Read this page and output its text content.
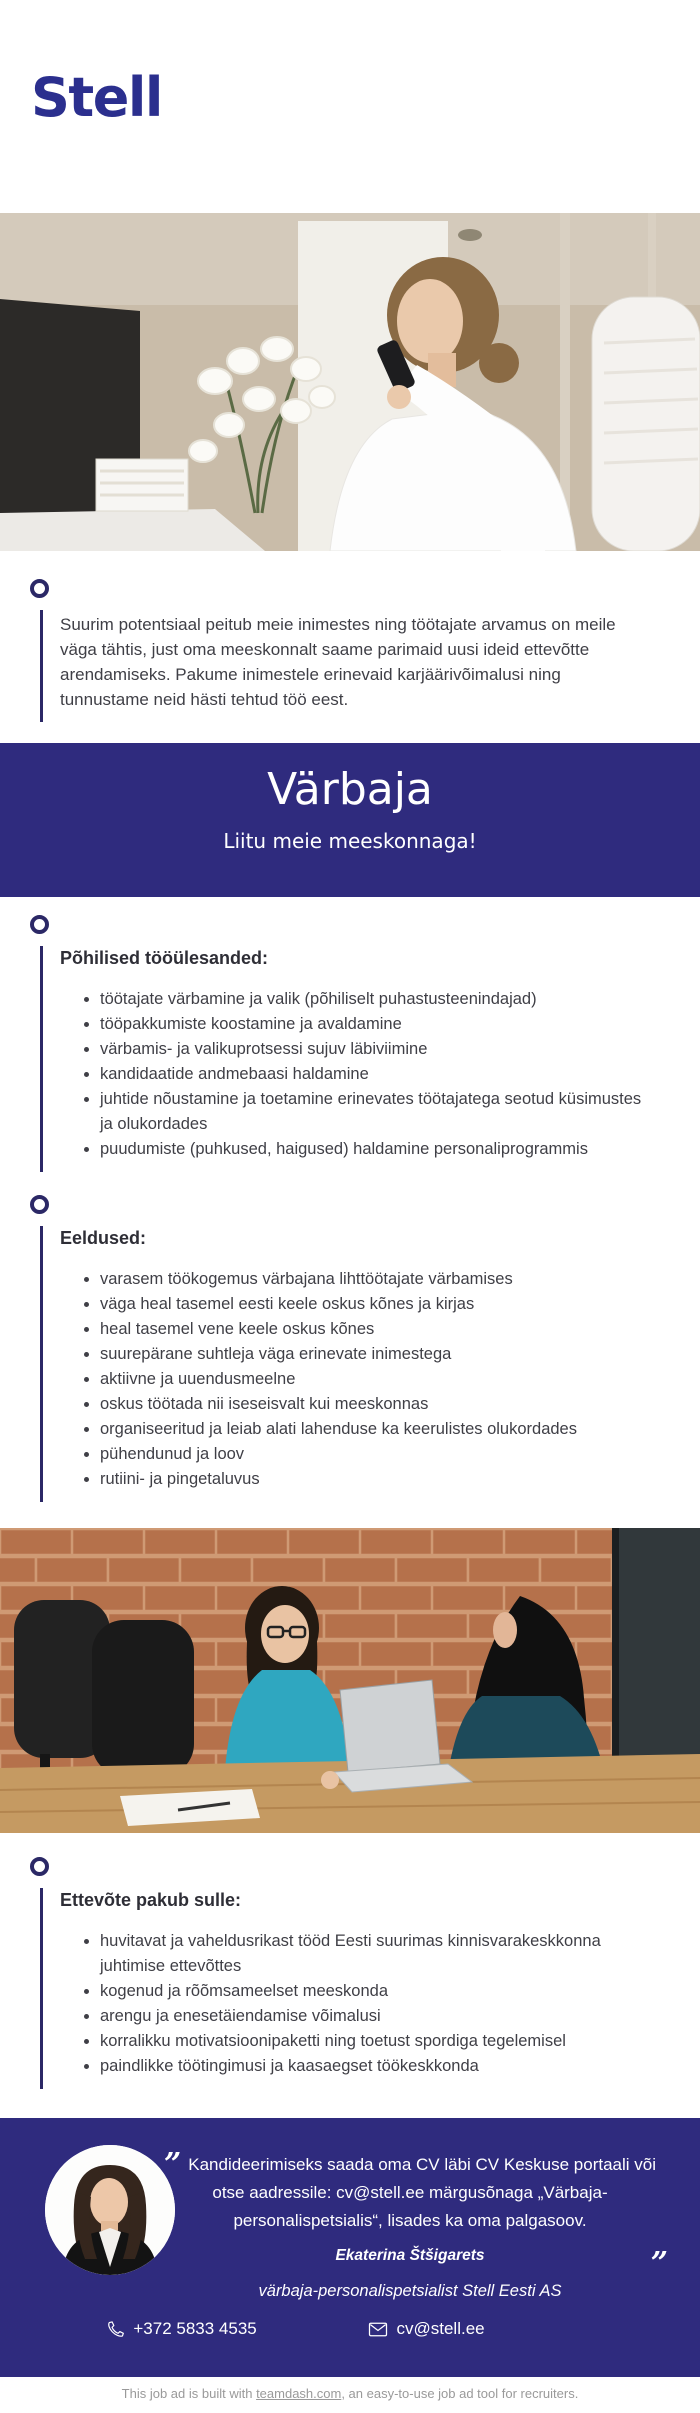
Stell

Suurim potentsiaal peitub meie inimestes ning töötajate arvamus on meile väga tähtis, just oma meeskonnalt saame parimaid uusi ideid ettevõtte arendamiseks. Pakume inimestele erinevaid karjäärivõimalusi ning tunnustame neid hästi tehtud töö eest.

Värbaja
Liitu meie meeskonnaga!
Põhilised tööülesanded:
• töötajate värbamine ja valik (põhiliselt puhastusteenindajad)
• tööpakkumiste koostamine ja avaldamine
• värbamis- ja valikuprotsessi sujuv läbiviimine
• kandidaatide andmebaasi haldamine
• juhtide nõustamine ja toetamine erinevates töötajatega seotud küsimustes ja olukordades
• puudumiste (puhkused, haigused) haldamine personaliprogrammis
Eeldused:
• varasem töökogemus värbajana lihttöötajate värbamises
• väga heal tasemel eesti keele oskus kõnes ja kirjas
• heal tasemel vene keele oskus kõnes
• suurepärane suhtleja väga erinevate inimestega
• aktiivne ja uuendusmeelne
• oskus töötada nii iseseisvalt kui meeskonnas
• organiseeritud ja leiab alati lahenduse ka keerulistes olukordades
• pühendunud ja loov
• rutiini- ja pingetaluvus
Ettevõte pakub sulle:
• huvitavat ja vaheldusrikast tööd Eesti suurimas kinnisvarakeskkonna juhtimise ettevõttes
• kogenud ja rõõmsameelset meeskonda
• arengu ja enesetäiendamise võimalusi
• korralikku motivatsioonipaketti ning toetust spordiga tegelemisel
• paindlikke töötingimusi ja kaasaegset töökeskkonda

” Kandideerimiseks saada oma CV läbi CV Keskuse portaali või otse aadressile: cv@stell.ee märgusõnaga „Värbaja-personalispetsialis“, lisades ka oma palgasoov.

Ekaterina Štšigarets

värbaja-personalispetsialist Stell Eesti AS

”
+372 5833 4535	cv@stell.ee
This job ad is built with teamdash.com, an easy-to-use job ad tool for recruiters.
